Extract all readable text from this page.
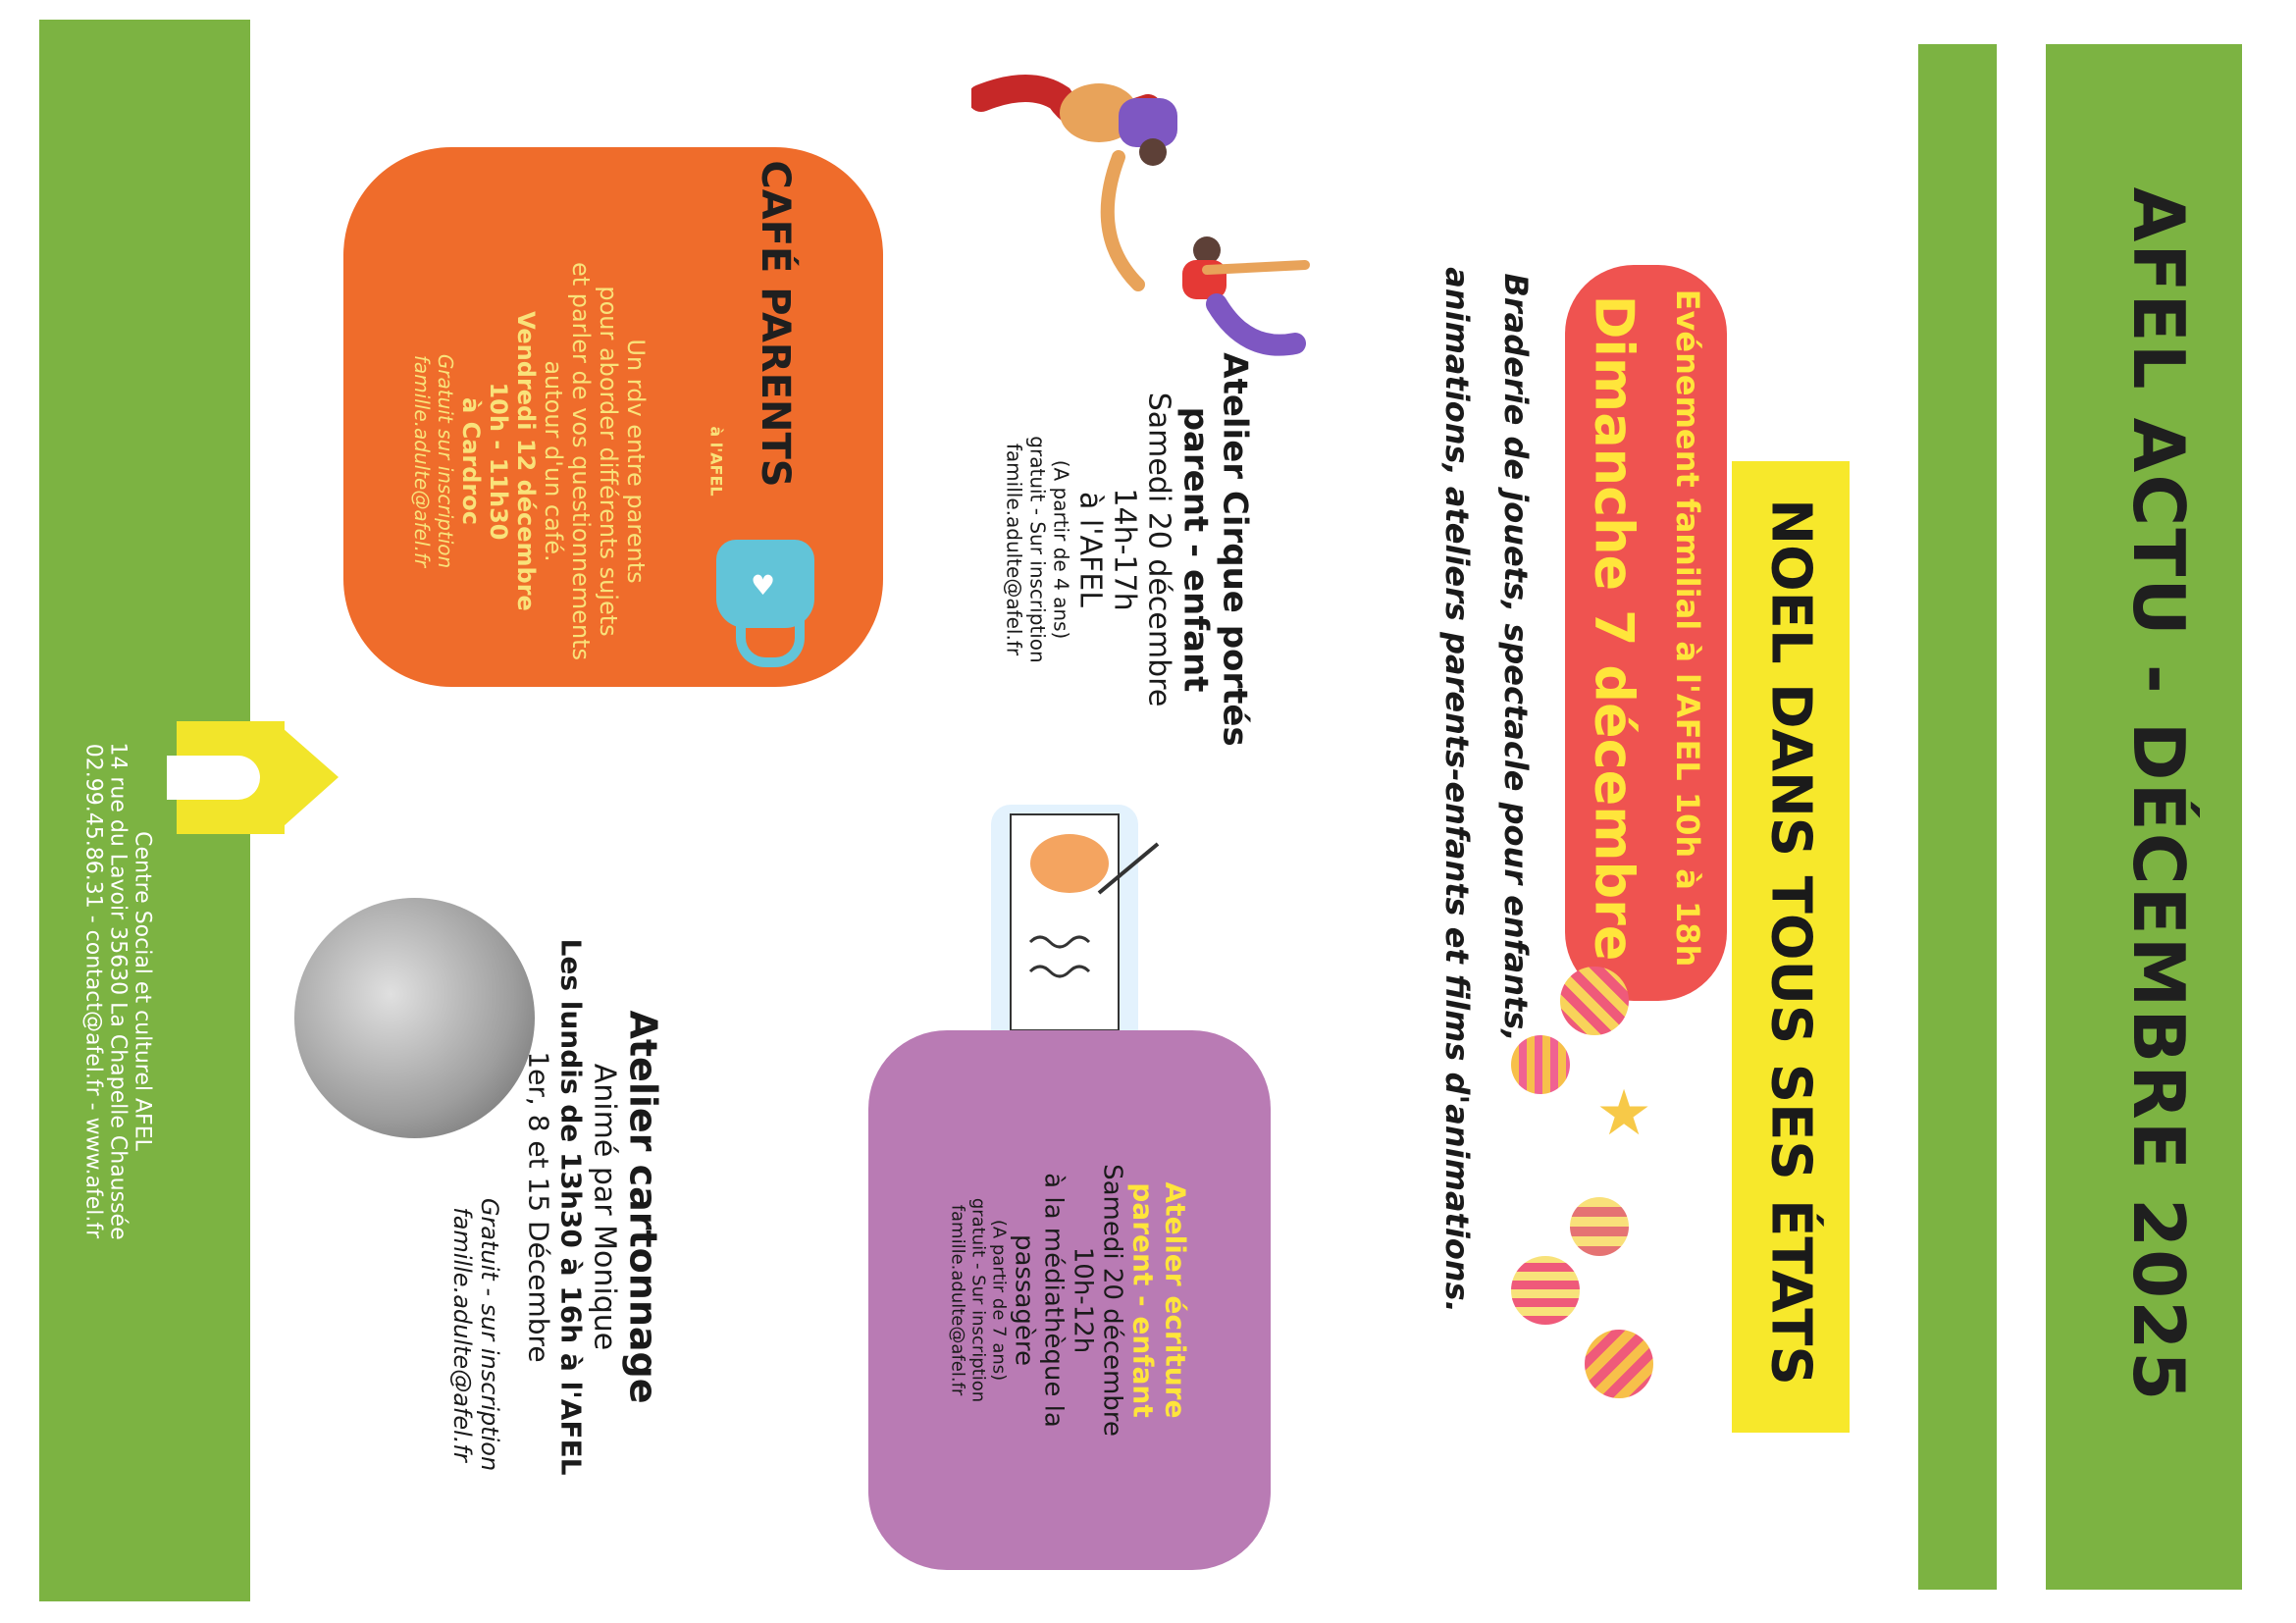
AFEL ACTU - DÉCEMBRE 2025
NOEL DANS TOUS SES ÉTATS
Evénement familial à l'AFEL 10h à 18h
Dimanche 7 décembre
Braderie de jouets, spectacle pour enfants,
animations, ateliers parents-enfants et films d'animations. ★
Atelier Cirque portés
parent - enfant
Samedi 20 décembre
14h-17h
à l'AFEL
(A partir de 4 ans)
gratuit - Sur inscription
famille.adulte@afel.fr
CAFÉ PARENTS
à l'AFEL
♥
Un rdv entre parents
pour aborder différents sujets
et parler de vos questionnements
autour d'un café.
Vendredi 12 décembre
10h - 11h30
à Cardroc
Gratuit sur inscription
famille.adulte@afel.fr
Atelier écriture
parent - enfant
Samedi 20 décembre
10h-12h
à la médiathèque la
passagère
(A partir de 7 ans)
gratuit - Sur inscription
famille.adulte@afel.fr
Atelier cartonnage
Animé par Monique
Les lundis de 13h30 à 16h à l'AFEL
1er, 8 et 15 Décembre
Gratuit - sur inscription
famille.adulte@afel.fr
Centre Social et culturel AFEL
14 rue du Lavoir 35630 La Chapelle Chaussée
02.99.45.86.31 - contact@afel.fr - www.afel.fr
